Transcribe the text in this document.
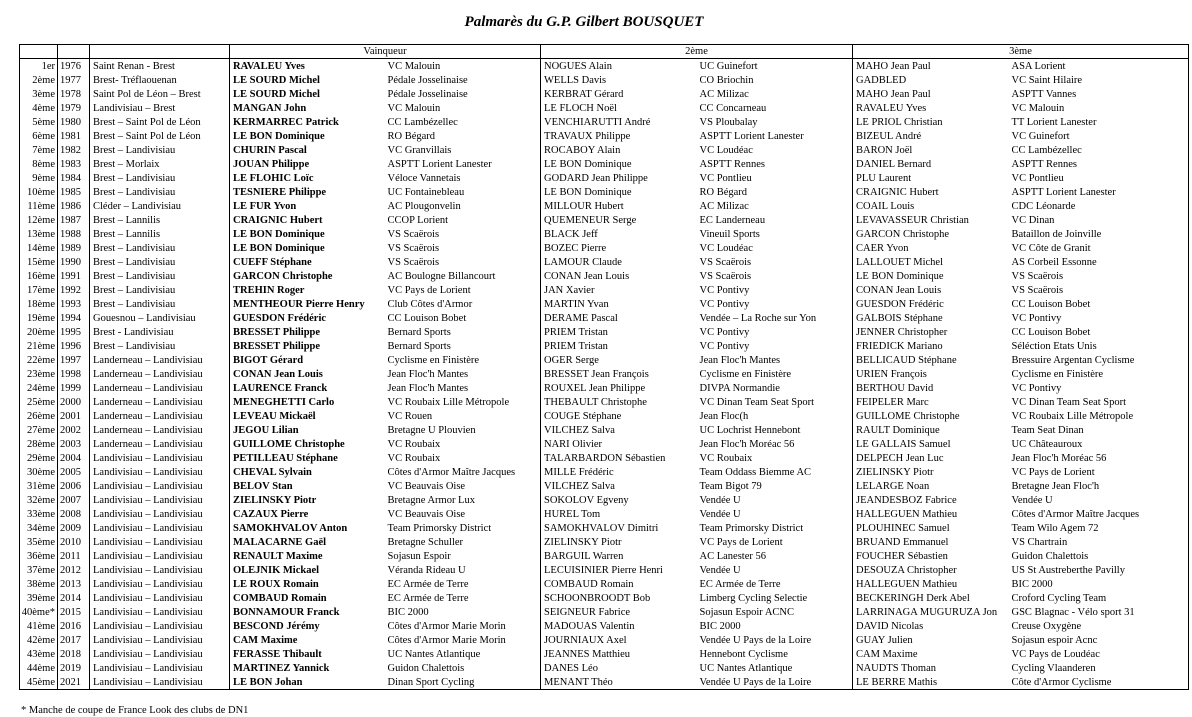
Palmarès du G.P. Gilbert BOUSQUET
			Vainqueur		2ème		3ème	
1er	1976	Saint Renan - Brest	RAVALEU Yves	VC Malouin	NOGUES Alain	UC Guinefort	MAHO Jean Paul	ASA Lorient
2ème	1977	Brest- Tréflaouenan	LE SOURD Michel	Pédale Josselinaise	WELLS Davis	CO Briochin	GADBLED	VC Saint Hilaire
3ème	1978	Saint Pol de Léon – Brest	LE SOURD Michel	Pédale Josselinaise	KERBRAT Gérard	AC Milizac	MAHO Jean Paul	ASPTT Vannes
4ème	1979	Landivisiau – Brest	MANGAN John	VC Malouin	LE FLOCH Noël	CC Concarneau	RAVALEU Yves	VC Malouin
5ème	1980	Brest – Saint Pol de Léon	KERMARREC Patrick	CC Lambézellec	VENCHIARUTTI André	VS Ploubalay	LE PRIOL Christian	TT Lorient Lanester
6ème	1981	Brest – Saint Pol de Léon	LE BON Dominique	RO Bégard	TRAVAUX Philippe	ASPTT Lorient Lanester	BIZEUL André	VC Guinefort
7ème	1982	Brest – Landivisiau	CHURIN Pascal	VC Granvillais	ROCABOY Alain	VC Loudéac	BARON Joël	CC Lambézellec
8ème	1983	Brest – Morlaix	JOUAN Philippe	ASPTT Lorient Lanester	LE BON Dominique	ASPTT Rennes	DANIEL Bernard	ASPTT Rennes
9ème	1984	Brest – Landivisiau	LE FLOHIC Loïc	Véloce Vannetais	GODARD Jean Philippe	VC Pontlieu	PLU Laurent	VC Pontlieu
10ème	1985	Brest – Landivisiau	TESNIERE Philippe	UC Fontainebleau	LE BON Dominique	RO Bégard	CRAIGNIC Hubert	ASPTT Lorient Lanester
11ème	1986	Cléder – Landivisiau	LE FUR Yvon	AC Plougonvelin	MILLOUR Hubert	AC Milizac	COAIL Louis	CDC Léonarde
12ème	1987	Brest – Lannilis	CRAIGNIC Hubert	CCOP Lorient	QUEMENEUR Serge	EC Landerneau	LEVAVASSEUR Christian	VC Dinan
13ème	1988	Brest – Lannilis	LE BON Dominique	VS Scaërois	BLACK Jeff	Vineuil Sports	GARCON Christophe	Bataillon de Joinville
14ème	1989	Brest – Landivisiau	LE BON Dominique	VS Scaërois	BOZEC Pierre	VC Loudéac	CAER Yvon	VC Côte de Granit
15ème	1990	Brest – Landivisiau	CUEFF Stéphane	VS Scaërois	LAMOUR Claude	VS Scaërois	LALLOUET Michel	AS Corbeil Essonne
16ème	1991	Brest – Landivisiau	GARCON Christophe	AC Boulogne Billancourt	CONAN Jean Louis	VS Scaërois	LE BON Dominique	VS Scaërois
17ème	1992	Brest – Landivisiau	TREHIN Roger	VC Pays de Lorient	JAN Xavier	VC Pontivy	CONAN Jean Louis	VS Scaërois
18ème	1993	Brest – Landivisiau	MENTHEOUR Pierre Henry	Club Côtes d'Armor	MARTIN Yvan	VC Pontivy	GUESDON Frédéric	CC Louison Bobet
19ème	1994	Gouesnou – Landivisiau	GUESDON Frédéric	CC Louison Bobet	DERAME Pascal	Vendée – La Roche sur Yon	GALBOIS Stéphane	VC Pontivy
20ème	1995	Brest - Landivisiau	BRESSET Philippe	Bernard Sports	PRIEM Tristan	VC Pontivy	JENNER Christopher	CC Louison Bobet
21ème	1996	Brest – Landivisiau	BRESSET Philippe	Bernard Sports	PRIEM Tristan	VC Pontivy	FRIEDICK Mariano	Séléction Etats Unis
22ème	1997	Landerneau – Landivisiau	BIGOT Gérard	Cyclisme en Finistère	OGER Serge	Jean Floc'h Mantes	BELLICAUD Stéphane	Bressuire Argentan Cyclisme
23ème	1998	Landerneau – Landivisiau	CONAN Jean Louis	Jean Floc'h Mantes	BRESSET Jean François	Cyclisme en Finistère	URIEN François	Cyclisme en Finistère
24ème	1999	Landerneau – Landivisiau	LAURENCE Franck	Jean Floc'h Mantes	ROUXEL Jean Philippe	DIVPA Normandie	BERTHOU David	VC Pontivy
25ème	2000	Landerneau – Landivisiau	MENEGHETTI Carlo	VC Roubaix Lille Métropole	THEBAULT Christophe	VC Dinan Team Seat Sport	FEIPELER Marc	VC Dinan Team Seat Sport
26ème	2001	Landerneau – Landivisiau	LEVEAU Mickaël	VC Rouen	COUGE Stéphane	Jean Floc(h	GUILLOME Christophe	VC Roubaix Lille Métropole
27ème	2002	Landerneau – Landivisiau	JEGOU Lilian	Bretagne U Plouvien	VILCHEZ Salva	UC Lochrist Hennebont	RAULT Dominique	Team Seat Dinan
28ème	2003	Landerneau – Landivisiau	GUILLOME Christophe	VC Roubaix	NARI Olivier	Jean Floc'h Moréac 56	LE GALLAIS Samuel	UC Châteauroux
29ème	2004	Landivisiau – Landivisiau	PETILLEAU Stéphane	VC Roubaix	TALARBARDON Sébastien	VC Roubaix	DELPECH Jean Luc	Jean Floc'h Moréac 56
30ème	2005	Landivisiau – Landivisiau	CHEVAL Sylvain	Côtes d'Armor Maître Jacques	MILLE Frédéric	Team Oddass Biemme AC	ZIELINSKY Piotr	VC Pays de Lorient
31ème	2006	Landivisiau – Landivisiau	BELOV Stan	VC Beauvais Oise	VILCHEZ Salva	Team Bigot 79	LELARGE Noan	Bretagne Jean Floc'h
32ème	2007	Landivisiau – Landivisiau	ZIELINSKY Piotr	Bretagne Armor Lux	SOKOLOV Egveny	Vendée U	JEANDESBOZ Fabrice	Vendée U
33ème	2008	Landivisiau – Landivisiau	CAZAUX Pierre	VC Beauvais Oise	HUREL Tom	Vendée U	HALLEGUEN Mathieu	Côtes d'Armor Maître Jacques
34ème	2009	Landivisiau – Landivisiau	SAMOKHVALOV Anton	Team Primorsky District	SAMOKHVALOV Dimitri	Team Primorsky District	PLOUHINEC Samuel	Team Wilo Agem 72
35ème	2010	Landivisiau – Landivisiau	MALACARNE Gaël	Bretagne Schuller	ZIELINSKY Piotr	VC Pays de Lorient	BRUAND Emmanuel	VS Chartrain
36ème	2011	Landivisiau – Landivisiau	RENAULT Maxime	Sojasun Espoir	BARGUIL Warren	AC Lanester 56	FOUCHER Sébastien	Guidon Chalettois
37ème	2012	Landivisiau – Landivisiau	OLEJNIK Mickael	Véranda Rideau U	LECUISINIER Pierre Henri	Vendée U	DESOUZA Christopher	US St Austreberthe Pavilly
38ème	2013	Landivisiau – Landivisiau	LE ROUX Romain	EC Armée de Terre	COMBAUD Romain	EC Armée de Terre	HALLEGUEN Mathieu	BIC 2000
39ème	2014	Landivisiau – Landivisiau	COMBAUD Romain	EC Armée de Terre	SCHOONBROODT Bob	Limberg Cycling Selectie	BECKERINGH Derk Abel	Croford Cycling Team
40ème*	2015	Landivisiau – Landivisiau	BONNAMOUR Franck	BIC 2000	SEIGNEUR Fabrice	Sojasun Espoir ACNC	LARRINAGA MUGURUZA Jon	GSC Blagnac - Vélo sport 31
41ème	2016	Landivisiau – Landivisiau	BESCOND Jérémy	Côtes d'Armor Marie Morin	MADOUAS Valentin	BIC 2000	DAVID Nicolas	Creuse Oxygène
42ème	2017	Landivisiau – Landivisiau	CAM Maxime	Côtes d'Armor Marie Morin	JOURNIAUX Axel	Vendée U Pays de la Loire	GUAY Julien	Sojasun espoir Acnc
43ème	2018	Landivisiau – Landivisiau	FERASSE Thibault	UC Nantes Atlantique	JEANNES Matthieu	Hennebont Cyclisme	CAM Maxime	VC Pays de Loudéac
44ème	2019	Landivisiau – Landivisiau	MARTINEZ Yannick	Guidon Chalettois	DANES Léo	UC Nantes Atlantique	NAUDTS Thoman	Cycling Vlaanderen
45ème	2021	Landivisiau – Landivisiau	LE BON Johan	Dinan Sport Cycling	MENANT Théo	Vendée U Pays de la Loire	LE BERRE Mathis	Côte d'Armor Cyclisme
* Manche de coupe de France Look des clubs de DN1
